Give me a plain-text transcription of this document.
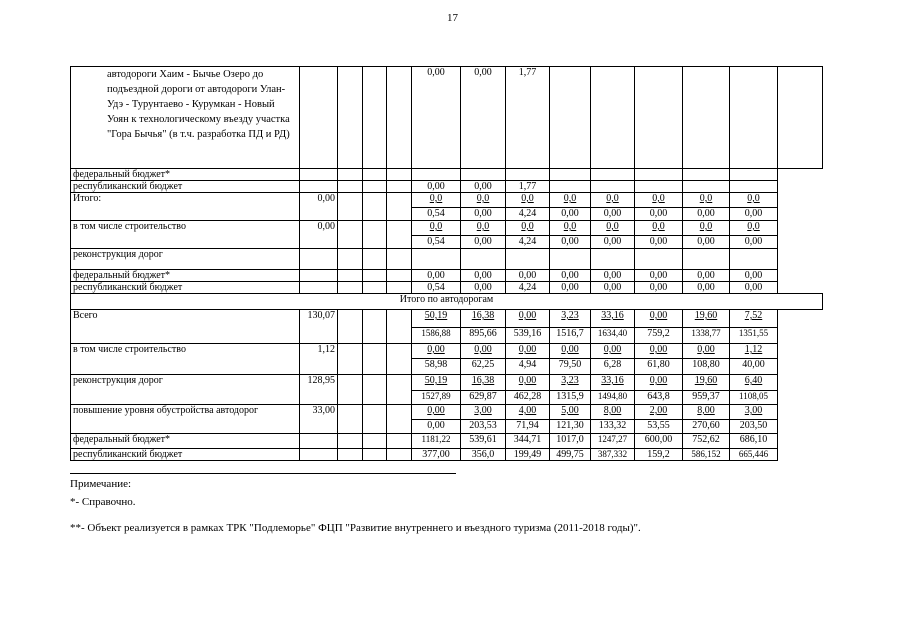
17
автодороги Хаим - Бычье Озеро до подъездной дороги от автодороги Улан-Удэ - Турунтаево - Курумкан - Новый Уоян к технологическому въезду участка "Гора Бычья" (в т.ч. разработка ПД и РД)					0,00	0,00	1,77						
федеральный бюджет*													
республиканский бюджет					0,00	0,00	1,77						
Итого:	0,00				0,0	0,0	0,0	0,0	0,0	0,0	0,0	0,0	
					0,54	0,00	4,24	0,00	0,00	0,00	0,00	0,00	
в том числе строительство	0,00				0,0	0,0	0,0	0,0	0,0	0,0	0,0	0,0	
					0,54	0,00	4,24	0,00	0,00	0,00	0,00	0,00	
реконструкция дорог													
федеральный бюджет*					0,00	0,00	0,00	0,00	0,00	0,00	0,00	0,00	
республиканский бюджет					0,54	0,00	4,24	0,00	0,00	0,00	0,00	0,00	
Итого по автодорогам													
Всего	130,07				50,19	16,38	0,00	3,23	33,16	0,00	19,60	7,52	
					1586,88	895,66	539,16	1516,7	1634,40	759,2	1338,77	1351,55	
в том числе строительство	1,12				0,00	0,00	0,00	0,00	0,00	0,00	0,00	1,12	
					58,98	62,25	4,94	79,50	6,28	61,80	108,80	40,00	
реконструкция дорог	128,95				50,19	16,38	0,00	3,23	33,16	0,00	19,60	6,40	
					1527,89	629,87	462,28	1315,9	1494,80	643,8	959,37	1108,05	
повышение уровня обустройства автодорог	33,00				0,00	3,00	4,00	5,00	8,00	2,00	8,00	3,00	
					0,00	203,53	71,94	121,30	133,32	53,55	270,60	203,50	
федеральный бюджет*					1181,22	539,61	344,71	1017,0	1247,27	600,00	752,62	686,10	
республиканский бюджет					377,00	356,0	199,49	499,75	387,332	159,2	586,152	665,446	
Примечание:
*- Справочно.
**- Объект реализуется в рамках ТРК "Подлеморье" ФЦП "Развитие внутреннего и въездного туризма (2011-2018 годы)".
